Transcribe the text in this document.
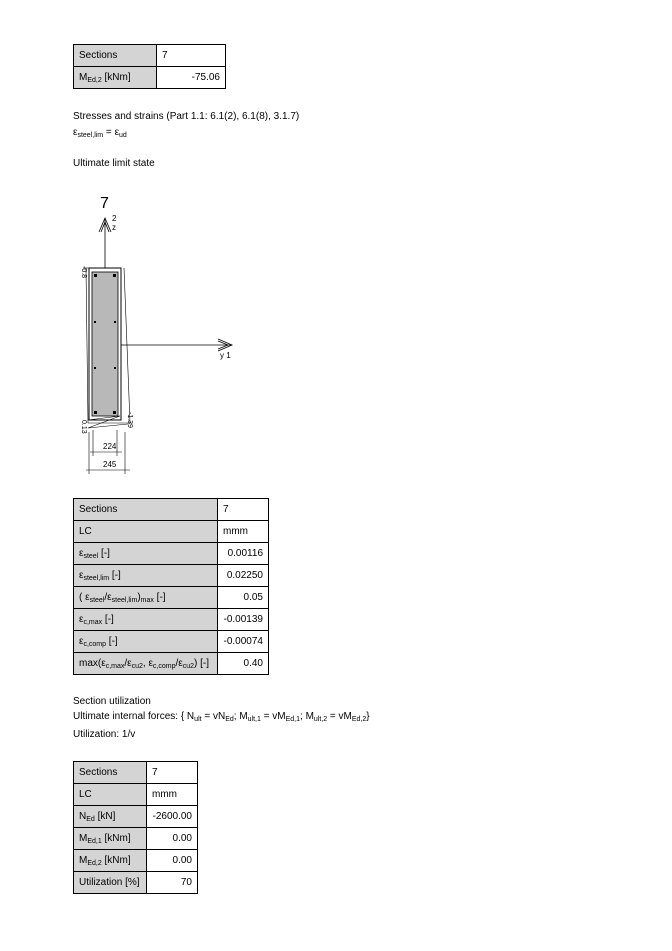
Sections	7
$M_{Ed,2}$ [kNm]	-75.06
Stresses and strains (Part 1.1: 6.1(2), 6.1(8), 3.1.7)
$\varepsilon_{steel,lim} = \varepsilon_{ud}$
Ultimate limit state
7
2
z
y 1
-0.8
0.13	-1.39
224
245
Sections	7
LC	mmm
$\varepsilon_{steel}$ [-]	0.00116
$\varepsilon_{steel,lim}$ [-]	0.02250
( $\varepsilon_{steel}/\varepsilon_{steel,lim})_{max}$ [-]	0.05
$\varepsilon_{c,max}$ [-]	-0.00139
$\varepsilon_{c,comp}$ [-]	-0.00074
$\max(\varepsilon_{c,max}/\varepsilon_{cu2}$, $\varepsilon_{c,comp}/\varepsilon_{cu2}$) [-]	0.40
Section utilization
Ultimate internal forces: { $N_{ult} = vN_{Ed}$; $M_{ult,1} = vM_{Ed,1}$; $M_{ult,2} = vM_{Ed,2}$}
Utilization: 1/v
Sections	7
LC	mmm
$N_{Ed}$ [kN]	-2600.00
$M_{Ed,1}$ [kNm]	0.00
$M_{Ed,2}$ [kNm]	0.00
Utilization [%]	70
